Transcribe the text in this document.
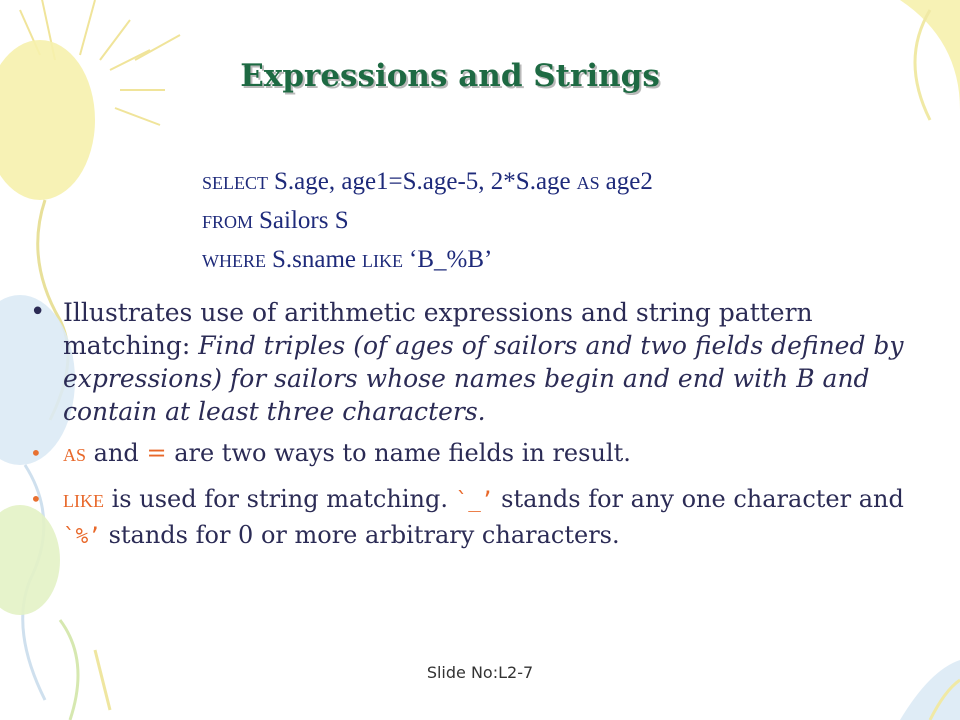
Expressions and Strings
SELECT S.age, age1=S.age-5, 2*S.age AS age2
FROM Sailors S
WHERE S.sname LIKE ‘B_%B’
• Illustrates use of arithmetic expressions and string pattern matching: Find triples (of ages of sailors and two fields defined by expressions) for sailors whose names begin and end with B and contain at least three characters.
• AS and = are two ways to name fields in result.
• LIKE is used for string matching. `_’ stands for any one character and `%’ stands for 0 or more arbitrary characters.
Slide No:L2-7
